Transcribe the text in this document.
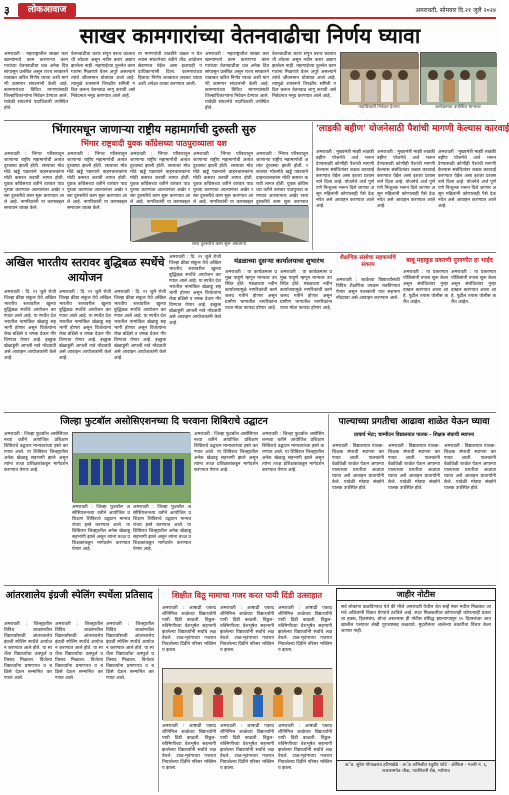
३	लोकआवाज	अमरावती, सोमवार दि.२१ जुलै २०२४
साखर कामगारांच्या वेतनवाढीचा निर्णय घ्यावा
अमरावती : महाराष्ट्रातील साखर कारखान्यांमध्ये काम करणाऱ्या कामगारांच्या वेतनवाढीचा प्रश्न अनेक दिवसांपासून प्रलंबित असून राज्य सरकारने याबाबत त्वरित निर्णय घ्यावा अशी मागणी कामगार संघटनांनी केली आहे. कामगारांच्या विविध मागण्यांसाठी जिल्हाधिकाऱ्यांना निवेदन देण्यात आले. यावेळी संघटनेचे पदाधिकारी उपस्थित होते.
वेतनवाढीचा करार संपून बराच कालावधी लोटला असून नवीन करार अद्याप झालेला नाही. महागाईच्या तुलनेत कामगारांना मिळणारे वेतन अपुरे असल्याने त्यांचे जीवनमान धोक्यात आले आहे. त्यामुळे शासनाने त्रिपक्षीय समिती गठित करून वेतनवाढ लागू करावी असे निवेदनात नमूद करण्यात आले आहे.
या मागण्यांची तातडीने दखल न घेतल्यास संघटनेच्या वतीने तीव्र आंदोलन छेडण्यात येईल असा इशाराही पदाधिकाऱ्यांनी दिला. कामगारांच्या हिताचा निर्णय लवकरात लवकर घ्यावा अशी अपेक्षा व्यक्त करण्यात आली.
अमरावती : महाराष्ट्रातील साखर कारखान्यांमध्ये काम करणाऱ्या कामगारांच्या वेतनवाढीचा प्रश्न अनेक दिवसांपासून प्रलंबित असून राज्य सरकारने याबाबत त्वरित निर्णय घ्यावा अशी मागणी कामगार संघटनांनी केली आहे. कामगारांच्या विविध मागण्यांसाठी जिल्हाधिकाऱ्यांना निवेदन देण्यात आले. यावेळी संघटनेचे पदाधिकारी उपस्थित होते.
वेतनवाढीचा करार संपून बराच कालावधी लोटला असून नवीन करार अद्याप झालेला नाही. महागाईच्या तुलनेत कामगारांना मिळणारे वेतन अपुरे असल्याने त्यांचे जीवनमान धोक्यात आले आहे. त्यामुळे शासनाने त्रिपक्षीय समिती गठित करून वेतनवाढ लागू करावी असे निवेदनात नमूद करण्यात आले आहे.
पदाधिकारी निवेदन देताना	कार्यक्रमात उपस्थित मान्यवर
भिंगारमधून जाणाऱ्या राष्ट्रीय महामार्गाची दुरुस्ती सुरु
भिंगार राष्ट्रवादी युवक काँग्रेसच्या पाठपुराव्याला यश
अमरावती : भिंगार परिसरातून जाणाऱ्या राष्ट्रीय महामार्गाची अत्यंत दुरवस्था झाली होती. रस्त्यावर मोठमोठे खड्डे पडल्याने वाहनचालकांना मोठी कसरत करावी लागत होती. युवक काँग्रेसच्या वतीने वारंवार पाठपुरावा करण्यात आल्यानंतर अखेर रस्ता दुरुस्तीचे काम सुरू करण्यात आले आहे. नागरिकांनी या कामाबद्दल समाधान व्यक्त केले.
अमरावती : भिंगार परिसरातून जाणाऱ्या राष्ट्रीय महामार्गाची अत्यंत दुरवस्था झाली होती. रस्त्यावर मोठमोठे खड्डे पडल्याने वाहनचालकांना मोठी कसरत करावी लागत होती. युवक काँग्रेसच्या वतीने वारंवार पाठपुरावा करण्यात आल्यानंतर अखेर रस्ता दुरुस्तीचे काम सुरू करण्यात आले आहे. नागरिकांनी या कामाबद्दल समाधान व्यक्त केले.
अमरावती : भिंगार परिसरातून जाणाऱ्या राष्ट्रीय महामार्गाची अत्यंत दुरवस्था झाली होती. रस्त्यावर मोठमोठे खड्डे पडल्याने वाहनचालकांना मोठी कसरत करावी लागत होती. युवक काँग्रेसच्या वतीने वारंवार पाठपुरावा करण्यात आल्यानंतर अखेर रस्ता दुरुस्तीचे काम सुरू करण्यात आले आहे. नागरिकांनी या कामाबद्दल
अमरावती : भिंगार परिसरातून जाणाऱ्या राष्ट्रीय महामार्गाची अत्यंत दुरवस्था झाली होती. रस्त्यावर मोठमोठे खड्डे पडल्याने वाहनचालकांना मोठी कसरत करावी लागत होती. युवक काँग्रेसच्या वतीने वारंवार पाठपुरावा करण्यात आल्यानंतर अखेर रस्ता दुरुस्तीचे काम सुरू करण्यात आले आहे. नागरिकांनी या कामाबद्दल
अमरावती : भिंगार परिसरातून जाणाऱ्या राष्ट्रीय महामार्गाची अत्यंत दुरवस्था झाली होती. रस्त्यावर मोठमोठे खड्डे पडल्याने वाहनचालकांना मोठी कसरत करावी लागत होती. युवक काँग्रेसच्या वतीने वारंवार पाठपुरावा करण्यात आल्यानंतर अखेर रस्ता दुरुस्तीचे काम सुरू करण्यात
रस्ता दुरुस्तीचे काम सुरू असताना
'लाडकी बहीण' योजनेसाठी पैशांची मागणी केल्यास कारवाई
अमरावती : मुख्यमंत्री माझी लाडकी बहीण योजनेचे अर्ज भरून देण्यासाठी कोणीही पैशांची मागणी केल्यास संबंधितांवर कडक कारवाई करण्यात येईल असा इशारा प्रशासनाने दिला आहे. योजनेचे अर्ज पूर्णपणे निःशुल्क भरून दिले जाणार असून महिलांनी कोणालाही पैसे देऊ नयेत असे आवाहन करण्यात आले आहे.
अमरावती : मुख्यमंत्री माझी लाडकी बहीण योजनेचे अर्ज भरून देण्यासाठी कोणीही पैशांची मागणी केल्यास संबंधितांवर कडक कारवाई करण्यात येईल असा इशारा प्रशासनाने दिला आहे. योजनेचे अर्ज पूर्णपणे निःशुल्क भरून दिले जाणार असून महिलांनी कोणालाही पैसे देऊ नयेत असे आवाहन करण्यात आले आहे.
अमरावती : मुख्यमंत्री माझी लाडकी बहीण योजनेचे अर्ज भरून देण्यासाठी कोणीही पैशांची मागणी केल्यास संबंधितांवर कडक कारवाई करण्यात येईल असा इशारा प्रशासनाने दिला आहे. योजनेचे अर्ज पूर्णपणे निःशुल्क भरून दिले जाणार असून महिलांनी कोणालाही पैसे देऊ नयेत असे आवाहन करण्यात आले आहे.
अखिल भारतीय स्तरावर बुद्धिबळ स्पर्धेचे आयोजन
अमरावती : दि. २१ जुलै रोजी जिल्हा क्रीडा संकुल येथे अखिल भारतीय स्तरावरील खुल्या बुद्धिबळ स्पर्धेचे आयोजन करण्यात आले आहे. या स्पर्धेत देशभरातील नामांकित खेळाडू सहभागी होणार असून विजेत्यांना रोख बक्षिसे व चषक देऊन गौरविण्यात येणार आहे. इच्छुक खेळाडूंनी आपली नावे नोंदवावी असे आवाहन आयोजकांनी केले आहे.
अमरावती : दि. २१ जुलै रोजी जिल्हा क्रीडा संकुल येथे अखिल भारतीय स्तरावरील खुल्या बुद्धिबळ स्पर्धेचे आयोजन करण्यात आले आहे. या स्पर्धेत देशभरातील नामांकित खेळाडू सहभागी होणार असून विजेत्यांना रोख बक्षिसे व चषक देऊन गौरविण्यात येणार आहे. इच्छुक खेळाडूंनी आपली नावे नोंदवावी असे आवाहन आयोजकांनी केले आहे.
अमरावती : दि. २१ जुलै रोजी जिल्हा क्रीडा संकुल येथे अखिल भारतीय स्तरावरील खुल्या बुद्धिबळ स्पर्धेचे आयोजन करण्यात आले आहे. या स्पर्धेत देशभरातील नामांकित खेळाडू सहभागी होणार असून विजेत्यांना रोख बक्षिसे व चषक देऊन गौरविण्यात येणार आहे. इच्छुक खेळाडूंनी आपली नावे नोंदवावी असे आवाहन आयोजकांनी केले आहे.
अमरावती : दि. २१ जुलै रोजी जिल्हा क्रीडा संकुल येथे अखिल भारतीय स्तरावरील खुल्या बुद्धिबळ स्पर्धेचे आयोजन करण्यात आले आहे. या स्पर्धेत देशभरातील नामांकित खेळाडू सहभागी होणार असून विजेत्यांना रोख बक्षिसे व चषक देऊन गौरविण्यात येणार आहे. इच्छुक खेळाडूंनी आपली नावे नोंदवावी असे आवाहन आयोजकांनी केले आहे.
मंडळाच्या दुसऱ्या कार्यालयाचा शुभारंभ
अमरावती : या कार्यक्रमास प्रमुख पाहुणे म्हणून मान्यवर उपस्थित होते. मंडळाच्या नवीन कार्यालयामुळे नागरिकांची कामे जलद गतीने होणार असून ग्रामीण भागातील नागरिकांना याचा मोठा फायदा होणार आहे.
अमरावती : या कार्यक्रमास प्रमुख पाहुणे म्हणून मान्यवर उपस्थित होते. मंडळाच्या नवीन कार्यालयामुळे नागरिकांची कामे जलद गतीने होणार असून ग्रामीण भागातील नागरिकांना याचा मोठा फायदा होणार आहे.
शैक्षणिक संस्थेचा सहकार्याचे संकल्प
अमरावती : शाळेच्या विद्यार्थ्यांसाठी विविध शैक्षणिक उपक्रम राबविण्यात येणार असून पालकांनी यात सहभाग नोंदवावा असे आवाहन करण्यात आले.
बाबू महाकुड प्रकरणी पुरवणीत हा भाईंद
अमरावती : या प्रकरणात पोलिसांनी तपास सुरू केला असून संबंधितांवर गुन्हा दाखल करण्यात आला आहे. पुढील तपास पोलीस करीत आहेत.
अमरावती : या प्रकरणात पोलिसांनी तपास सुरू केला असून संबंधितांवर गुन्हा दाखल करण्यात आला आहे. पुढील तपास पोलीस करीत आहेत.
जिल्हा फुटबॉल असोसिएशनच्या दि चरवाना शिबिराचे उद्घाटन
अमरावती : जिल्हा फुटबॉल असोसिएशनच्या वतीने आयोजित प्रशिक्षण शिबिराचे उद्घाटन मान्यवरांच्या हस्ते करण्यात आले. या शिबिरात जिल्ह्यातील अनेक खेळाडू सहभागी झाले असून त्यांना तज्ज्ञ प्रशिक्षकांकडून मार्गदर्शन करण्यात येणार आहे.
अमरावती : जिल्हा फुटबॉल असोसिएशनच्या वतीने आयोजित प्रशिक्षण शिबिराचे उद्घाटन मान्यवरांच्या हस्ते करण्यात आले. या शिबिरात जिल्ह्यातील अनेक खेळाडू सहभागी झाले असून त्यांना तज्ज्ञ प्रशिक्षकांकडून मार्गदर्शन करण्यात येणार आहे.
अमरावती : जिल्हा फुटबॉल असोसिएशनच्या वतीने आयोजित प्रशिक्षण शिबिराचे उद्घाटन मान्यवरांच्या हस्ते करण्यात आले. या शिबिरात जिल्ह्यातील अनेक खेळाडू सहभागी झाले असून त्यांना तज्ज्ञ प्रशिक्षकांकडून मार्गदर्शन करण्यात येणार आहे.
अमरावती : जिल्हा फुटबॉल असोसिएशनच्या वतीने आयोजित प्रशिक्षण शिबिराचे उद्घाटन मान्यवरांच्या हस्ते करण्यात आले. या शिबिरात जिल्ह्यातील अनेक खेळाडू सहभागी झाले असून त्यांना तज्ज्ञ प्रशिक्षकांकडून मार्गदर्शन करण्यात येणार आहे.
अमरावती : जिल्हा फुटबॉल असोसिएशनच्या वतीने आयोजित प्रशिक्षण शिबिराचे उद्घाटन मान्यवरांच्या हस्ते करण्यात आले. या शिबिरात जिल्ह्यातील अनेक खेळाडू सहभागी झाले असून त्यांना तज्ज्ञ प्रशिक्षकांकडून मार्गदर्शन करण्यात येणार आहे.
पाल्याच्या प्रगतीचा आढावा शाळेत येऊन घ्यावा
प्राचार्य भेटा; चाम्पीटन विद्यालयात पालक - शिक्षक संघाची स्थापना
अमरावती : विद्यालयात पालक-शिक्षक संघाची स्थापना करण्यात आली. पालकांनी वेळोवेळी शाळेत येऊन आपल्या पाल्याच्या प्रगतीचा आढावा घ्यावा असे आवाहन प्राचार्यांनी केले. यावेळी मोठ्या संख्येने पालक उपस्थित होते.
अमरावती : विद्यालयात पालक-शिक्षक संघाची स्थापना करण्यात आली. पालकांनी वेळोवेळी शाळेत येऊन आपल्या पाल्याच्या प्रगतीचा आढावा घ्यावा असे आवाहन प्राचार्यांनी केले. यावेळी मोठ्या संख्येने पालक उपस्थित होते.
अमरावती : विद्यालयात पालक-शिक्षक संघाची स्थापना करण्यात आली. पालकांनी वेळोवेळी शाळेत येऊन आपल्या पाल्याच्या प्रगतीचा आढावा घ्यावा असे आवाहन प्राचार्यांनी केले. यावेळी मोठ्या संख्येने पालक उपस्थित होते.
आंतरशालेय इंग्रजी स्पेलिंग स्पर्धेला प्रतिसाद
अमरावती : जिल्ह्यातील विविध शाळांमधील विद्यार्थ्यांसाठी आंतरशालेय इंग्रजी स्पेलिंग स्पर्धेचे आयोजन करण्यात आले होते. या स्पर्धेला विद्यार्थ्यांचा उत्स्फूर्त प्रतिसाद मिळाला. विजेत्या विद्यार्थ्यांना प्रमाणपत्र व बक्षिसे देऊन सन्मानित करण्यात आले.
अमरावती : जिल्ह्यातील विविध शाळांमधील विद्यार्थ्यांसाठी आंतरशालेय इंग्रजी स्पेलिंग स्पर्धेचे आयोजन करण्यात आले होते. या स्पर्धेला विद्यार्थ्यांचा उत्स्फूर्त प्रतिसाद मिळाला. विजेत्या विद्यार्थ्यांना प्रमाणपत्र व बक्षिसे देऊन सन्मानित करण्यात आले.
अमरावती : जिल्ह्यातील विविध शाळांमधील विद्यार्थ्यांसाठी आंतरशालेय इंग्रजी स्पेलिंग स्पर्धेचे आयोजन करण्यात आले होते. या स्पर्धेला विद्यार्थ्यांचा उत्स्फूर्त प्रतिसाद मिळाला. विजेत्या विद्यार्थ्यांना प्रमाणपत्र व बक्षिसे देऊन सन्मानित करण्यात आले.
शिक्षीत विठू मामाचा गजर करत पायी दिंडी उत्साहात
अमरावती : आषाढी एकादशीनिमित्त शाळेच्या विद्यार्थ्यांनी पायी दिंडी काढली. विठ्ठल-रुक्मिणीच्या वेशभूषेत सहभागी झालेल्या विद्यार्थ्यांनी सर्वांचे लक्ष वेधले. टाळ-मृदंगाच्या गजरात निघालेल्या दिंडीने परिसर भक्तिमय झाला.
अमरावती : आषाढी एकादशीनिमित्त शाळेच्या विद्यार्थ्यांनी पायी दिंडी काढली. विठ्ठल-रुक्मिणीच्या वेशभूषेत सहभागी झालेल्या विद्यार्थ्यांनी सर्वांचे लक्ष वेधले. टाळ-मृदंगाच्या गजरात निघालेल्या दिंडीने परिसर भक्तिमय झाला.
अमरावती : आषाढी एकादशीनिमित्त शाळेच्या विद्यार्थ्यांनी पायी दिंडी काढली. विठ्ठल-रुक्मिणीच्या वेशभूषेत सहभागी झालेल्या विद्यार्थ्यांनी सर्वांचे लक्ष वेधले. टाळ-मृदंगाच्या गजरात निघालेल्या दिंडीने परिसर भक्तिमय झाला.
अमरावती : आषाढी एकादशीनिमित्त शाळेच्या विद्यार्थ्यांनी पायी दिंडी काढली. विठ्ठल-रुक्मिणीच्या वेशभूषेत सहभागी झालेल्या विद्यार्थ्यांनी सर्वांचे लक्ष वेधले. टाळ-मृदंगाच्या गजरात निघालेल्या दिंडीने परिसर भक्तिमय झाला.
अमरावती : आषाढी एकादशीनिमित्त शाळेच्या विद्यार्थ्यांनी पायी दिंडी काढली. विठ्ठल-रुक्मिणीच्या वेशभूषेत सहभागी झालेल्या विद्यार्थ्यांनी सर्वांचे लक्ष वेधले. टाळ-मृदंगाच्या गजरात निघालेल्या दिंडीने परिसर भक्तिमय झाला.
अमरावती : आषाढी एकादशीनिमित्त शाळेच्या विद्यार्थ्यांनी पायी दिंडी काढली. विठ्ठल-रुक्मिणीच्या वेशभूषेत सहभागी झालेल्या विद्यार्थ्यांनी सर्वांचे लक्ष वेधले. टाळ-मृदंगाच्या गजरात निघालेल्या दिंडीने परिसर भक्तिमय झाला.
जाहीर नोटीस
सर्व लोकांना कळविण्यात येते की मौजे अमरावती येथील शेत सर्व्हे नंबर मधील मिळकत आमचे अशिलांनी विकत घेण्याचे ठरविले आहे. सदर मिळकतीवर कोणाचाही कोणत्याही प्रकारचा हक्क, हितसंबंध, बोजा असल्यास ही नोटीस प्रसिद्ध झाल्यापासून १५ दिवसांच्या आत खालील पत्त्यावर लेखी पुराव्यासह कळवावे. मुदतीनंतर आलेल्या तक्रारींचा विचार केला जाणार नाही.
अॅड. सुरेश गोपाळराव हरिणखेडे · अॅड अभिजीत रघुवीर फोर्ट · ऑफिस - गल्ली नं. ६, राजारामपेठ चौक, पारशिवनी रोड, मारेगाव
